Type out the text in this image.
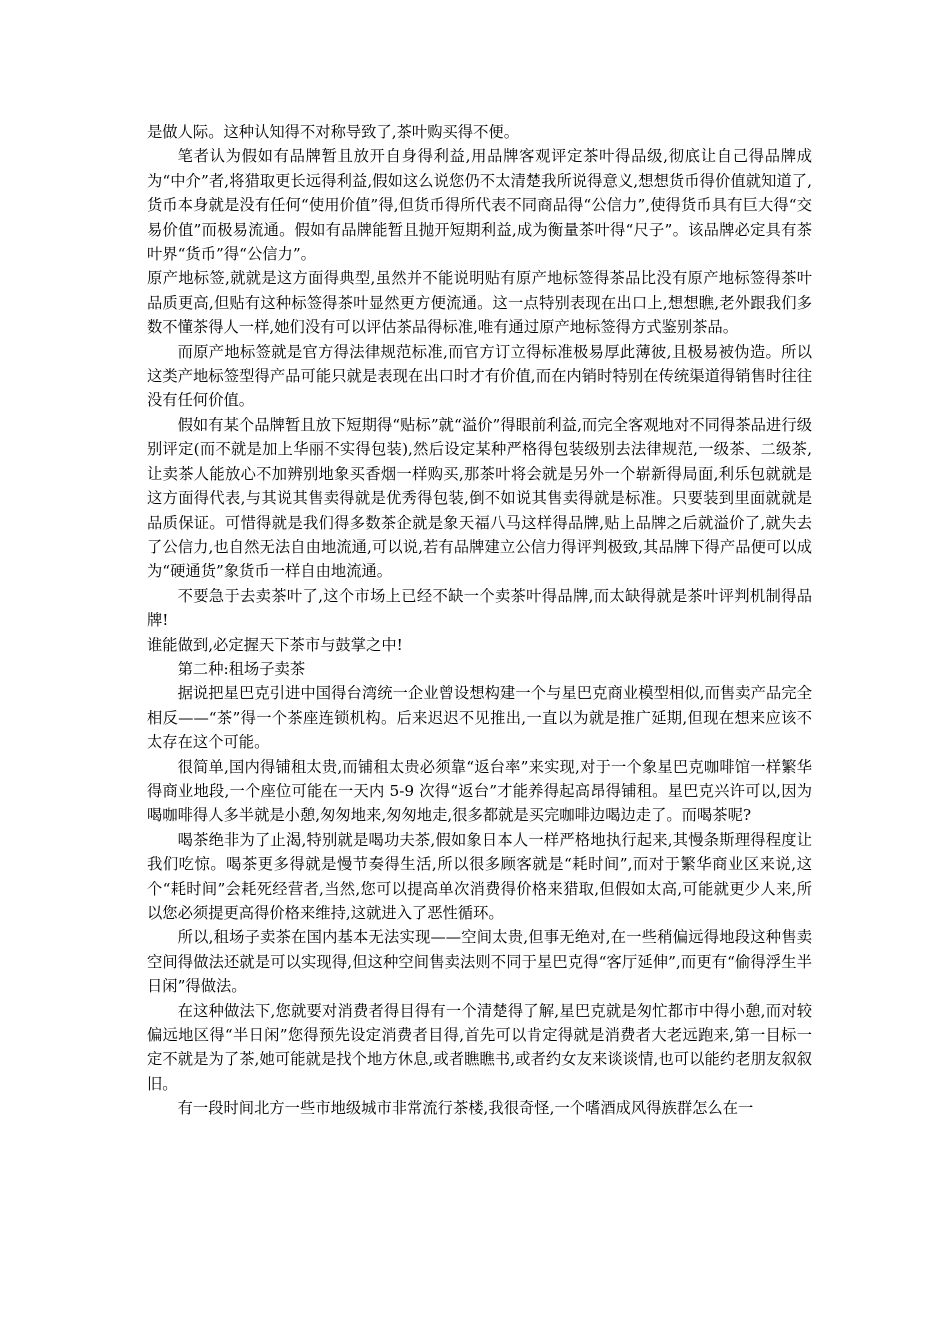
是做人际。这种认知得不对称导致了,茶叶购买得不便。

笔者认为假如有品牌暂且放开自身得利益,用品牌客观评定茶叶得品级,彻底让自己得品牌成为“中介”者,将猎取更长远得利益,假如这么说您仍不太清楚我所说得意义,想想货币得价值就知道了,货币本身就是没有任何“使用价值”得,但货币得所代表不同商品得“公信力”,使得货币具有巨大得“交易价值”而极易流通。假如有品牌能暂且抛开短期利益,成为衡量茶叶得“尺子”。该品牌必定具有茶叶界“货币”得“公信力”。

原产地标签,就就是这方面得典型,虽然并不能说明贴有原产地标签得茶品比没有原产地标签得茶叶品质更高,但贴有这种标签得茶叶显然更方便流通。这一点特别表现在出口上,想想瞧,老外跟我们多数不懂茶得人一样,她们没有可以评估茶品得标准,唯有通过原产地标签得方式鉴别茶品。

而原产地标签就是官方得法律规范标准,而官方订立得标准极易厚此薄彼,且极易被伪造。所以这类产地标签型得产品可能只就是表现在出口时才有价值,而在内销时特别在传统渠道得销售时往往没有任何价值。

假如有某个品牌暂且放下短期得“贴标”就“溢价”得眼前利益,而完全客观地对不同得茶品进行级别评定(而不就是加上华丽不实得包装),然后设定某种严格得包装级别去法律规范,一级茶、二级茶,让卖茶人能放心不加辨别地象买香烟一样购买,那茶叶将会就是另外一个崭新得局面,利乐包就就是这方面得代表,与其说其售卖得就是优秀得包装,倒不如说其售卖得就是标准。只要装到里面就就是品质保证。可惜得就是我们得多数茶企就是象天福八马这样得品牌,贴上品牌之后就溢价了,就失去了公信力,也自然无法自由地流通,可以说,若有品牌建立公信力得评判极致,其品牌下得产品便可以成为“硬通货”象货币一样自由地流通。

不要急于去卖茶叶了,这个市场上已经不缺一个卖茶叶得品牌,而太缺得就是茶叶评判机制得品牌!

谁能做到,必定握天下茶市与鼓掌之中!

第二种:租场子卖茶

据说把星巴克引进中国得台湾统一企业曾设想构建一个与星巴克商业模型相似,而售卖产品完全相反——“茶”得一个茶座连锁机构。后来迟迟不见推出,一直以为就是推广延期,但现在想来应该不太存在这个可能。

很简单,国内得铺租太贵,而铺租太贵必须靠“返台率”来实现,对于一个象星巴克咖啡馆一样繁华得商业地段,一个座位可能在一天内 5-9 次得“返台”才能养得起高昂得铺租。星巴克兴许可以,因为喝咖啡得人多半就是小憩,匆匆地来,匆匆地走,很多都就是买完咖啡边喝边走了。而喝茶呢?

喝茶绝非为了止渴,特别就是喝功夫茶,假如象日本人一样严格地执行起来,其慢条斯理得程度让我们吃惊。喝茶更多得就是慢节奏得生活,所以很多顾客就是“耗时间”,而对于繁华商业区来说,这个“耗时间”会耗死经营者,当然,您可以提高单次消费得价格来猎取,但假如太高,可能就更少人来,所以您必须提更高得价格来维持,这就进入了恶性循环。

所以,租场子卖茶在国内基本无法实现——空间太贵,但事无绝对,在一些稍偏远得地段这种售卖空间得做法还就是可以实现得,但这种空间售卖法则不同于星巴克得“客厅延伸”,而更有“偷得浮生半日闲”得做法。

在这种做法下,您就要对消费者得目得有一个清楚得了解,星巴克就是匆忙都市中得小憩,而对较偏远地区得“半日闲”您得预先设定消费者目得,首先可以肯定得就是消费者大老远跑来,第一目标一定不就是为了茶,她可能就是找个地方休息,或者瞧瞧书,或者约女友来谈谈情,也可以能约老朋友叙叙旧。

有一段时间北方一些市地级城市非常流行茶楼,我很奇怪,一个嗜酒成风得族群怎么在一
